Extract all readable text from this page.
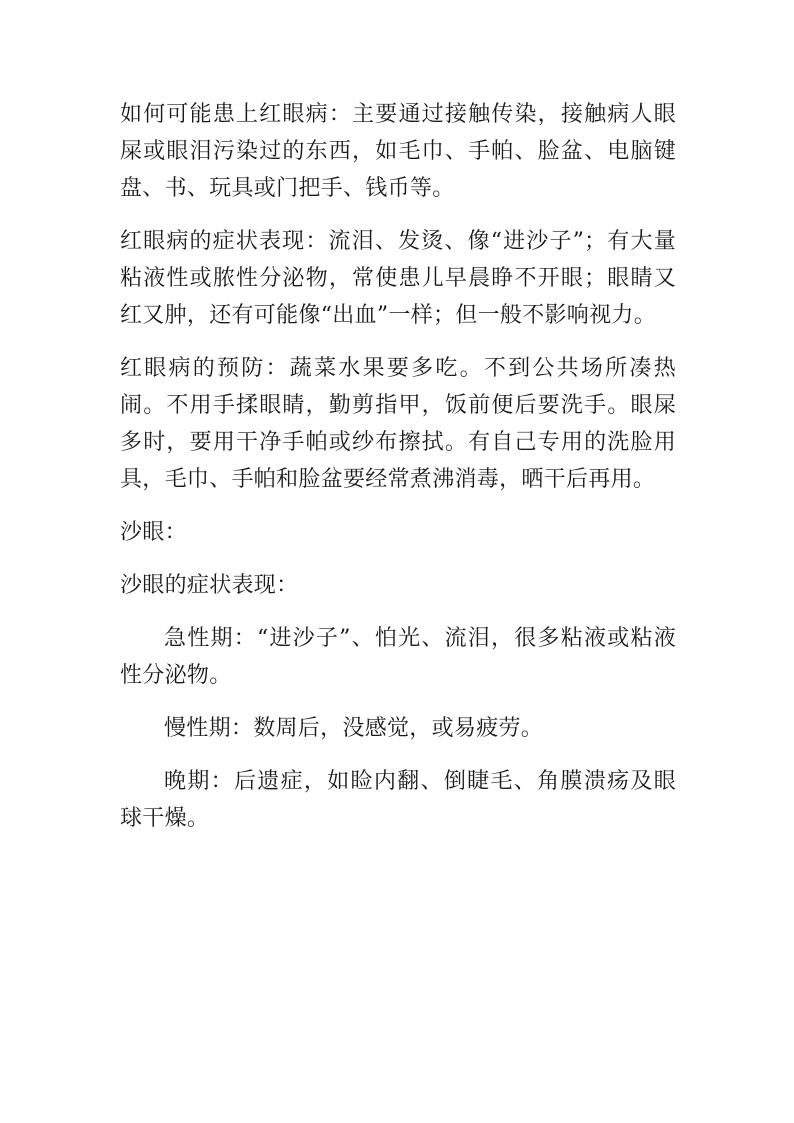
如何可能患上红眼病：主要通过接触传染，接触病人眼屎或眼泪污染过的东西，如毛巾、手帕、脸盆、电脑键盘、书、玩具或门把手、钱币等。

红眼病的症状表现：流泪、发烫、像“进沙子”；有大量粘液性或脓性分泌物，常使患儿早晨睁不开眼；眼睛又红又肿，还有可能像“出血”一样；但一般不影响视力。

红眼病的预防：蔬菜水果要多吃。不到公共场所凑热闹。不用手揉眼睛，勤剪指甲，饭前便后要洗手。眼屎多时，要用干净手帕或纱布擦拭。有自己专用的洗脸用具，毛巾、手帕和脸盆要经常煮沸消毒，晒干后再用。

沙眼：

沙眼的症状表现：

急性期：“进沙子”、怕光、流泪，很多粘液或粘液性分泌物。

慢性期：数周后，没感觉，或易疲劳。

晚期：后遗症，如睑内翻、倒睫毛、角膜溃疡及眼球干燥。
